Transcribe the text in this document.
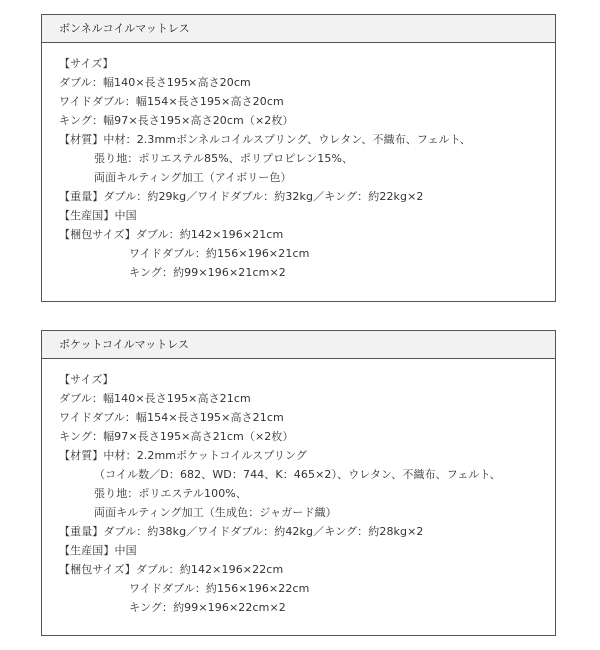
ボンネルコイルマットレス
【サイズ】
ダブル：幅140×長さ195×高さ20cm
ワイドダブル：幅154×長さ195×高さ20cm
キング：幅97×長さ195×高さ20cm（×2枚）
【材質】中材：2.3mmボンネルコイルスプリング、ウレタン、不織布、フェルト、
張り地：ポリエステル85%、ポリプロピレン15%、
両面キルティング加工（アイボリー色）
【重量】ダブル：約29kg／ワイドダブル：約32kg／キング：約22kg×2
【生産国】中国
【梱包サイズ】ダブル：約142×196×21cm
ワイドダブル：約156×196×21cm
キング：約99×196×21cm×2
ポケットコイルマットレス
【サイズ】
ダブル：幅140×長さ195×高さ21cm
ワイドダブル：幅154×長さ195×高さ21cm
キング：幅97×長さ195×高さ21cm（×2枚）
【材質】中材：2.2mmポケットコイルスプリング
（コイル数／D：682、WD：744、K：465×2）、ウレタン、不織布、フェルト、
張り地：ポリエステル100%、
両面キルティング加工（生成色：ジャガード織）
【重量】ダブル：約38kg／ワイドダブル：約42kg／キング：約28kg×2
【生産国】中国
【梱包サイズ】ダブル：約142×196×22cm
ワイドダブル：約156×196×22cm
キング：約99×196×22cm×2
